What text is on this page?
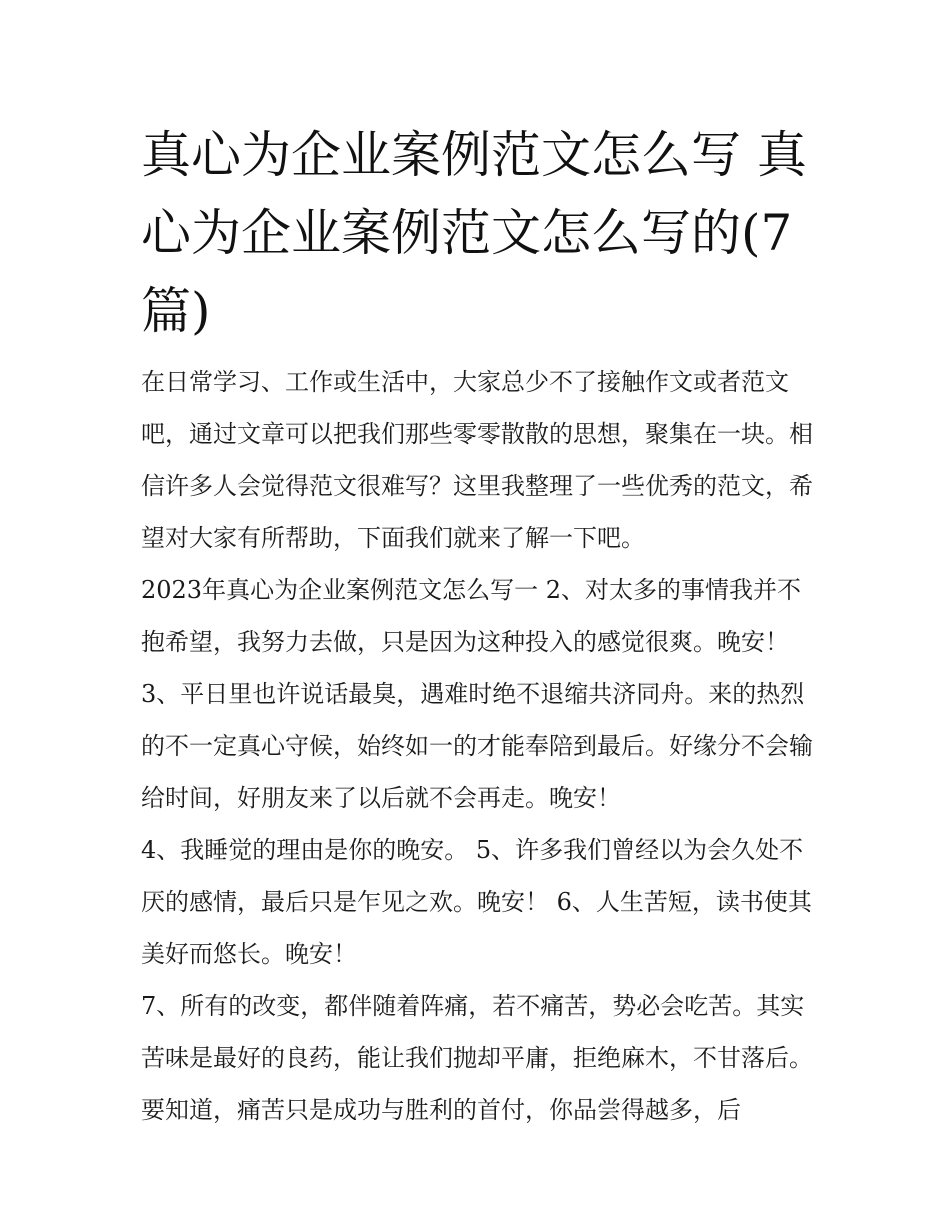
真心为企业案例范文怎么写 真心为企业案例范文怎么写的(7篇)

在日常学习、工作或生活中，大家总少不了接触作文或者范文吧，通过文章可以把我们那些零零散散的思想，聚集在一块。相信许多人会觉得范文很难写？这里我整理了一些优秀的范文，希望对大家有所帮助，下面我们就来了解一下吧。

2023年真心为企业案例范文怎么写一 2、对太多的事情我并不抱希望，我努力去做，只是因为这种投入的感觉很爽。晚安！3、平日里也许说话最臭，遇难时绝不退缩共济同舟。来的热烈的不一定真心守候，始终如一的才能奉陪到最后。好缘分不会输给时间，好朋友来了以后就不会再走。晚安！

4、我睡觉的理由是你的晚安。 5、许多我们曾经以为会久处不厌的感情，最后只是乍见之欢。晚安！ 6、人生苦短，读书使其美好而悠长。晚安！

7、所有的改变，都伴随着阵痛，若不痛苦，势必会吃苦。其实苦味是最好的良药，能让我们抛却平庸，拒绝麻木，不甘落后。要知道，痛苦只是成功与胜利的首付，你品尝得越多，后
